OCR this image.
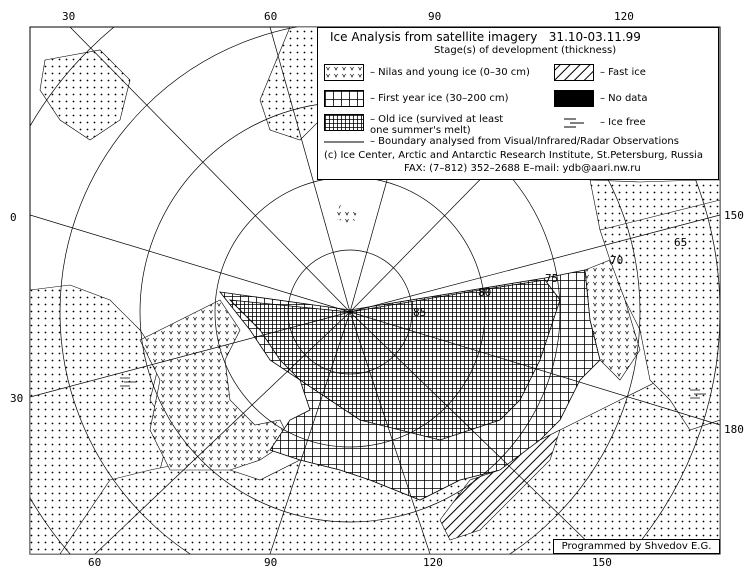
85
80
75
70
65
30	60	90	120
60	90	120	150
0
30
150
180
Ice Analysis from satellite imagery 31.10-03.11.99
Stage(s) of development (thickness)
– Nilas and young ice (0–30 cm)	– Fast ice
– First year ice (30–200 cm)	– No data
– Old ice (survived at least
one summer's melt)
– Ice free
– Boundary analysed from Visual/Infrared/Radar Observations
(c) Ice Center, Arctic and Antarctic Research Institute, St.Petersburg, Russia
FAX: (7–812) 352–2688 E–mail: ydb@aari.nw.ru
Programmed by Shvedov E.G.
